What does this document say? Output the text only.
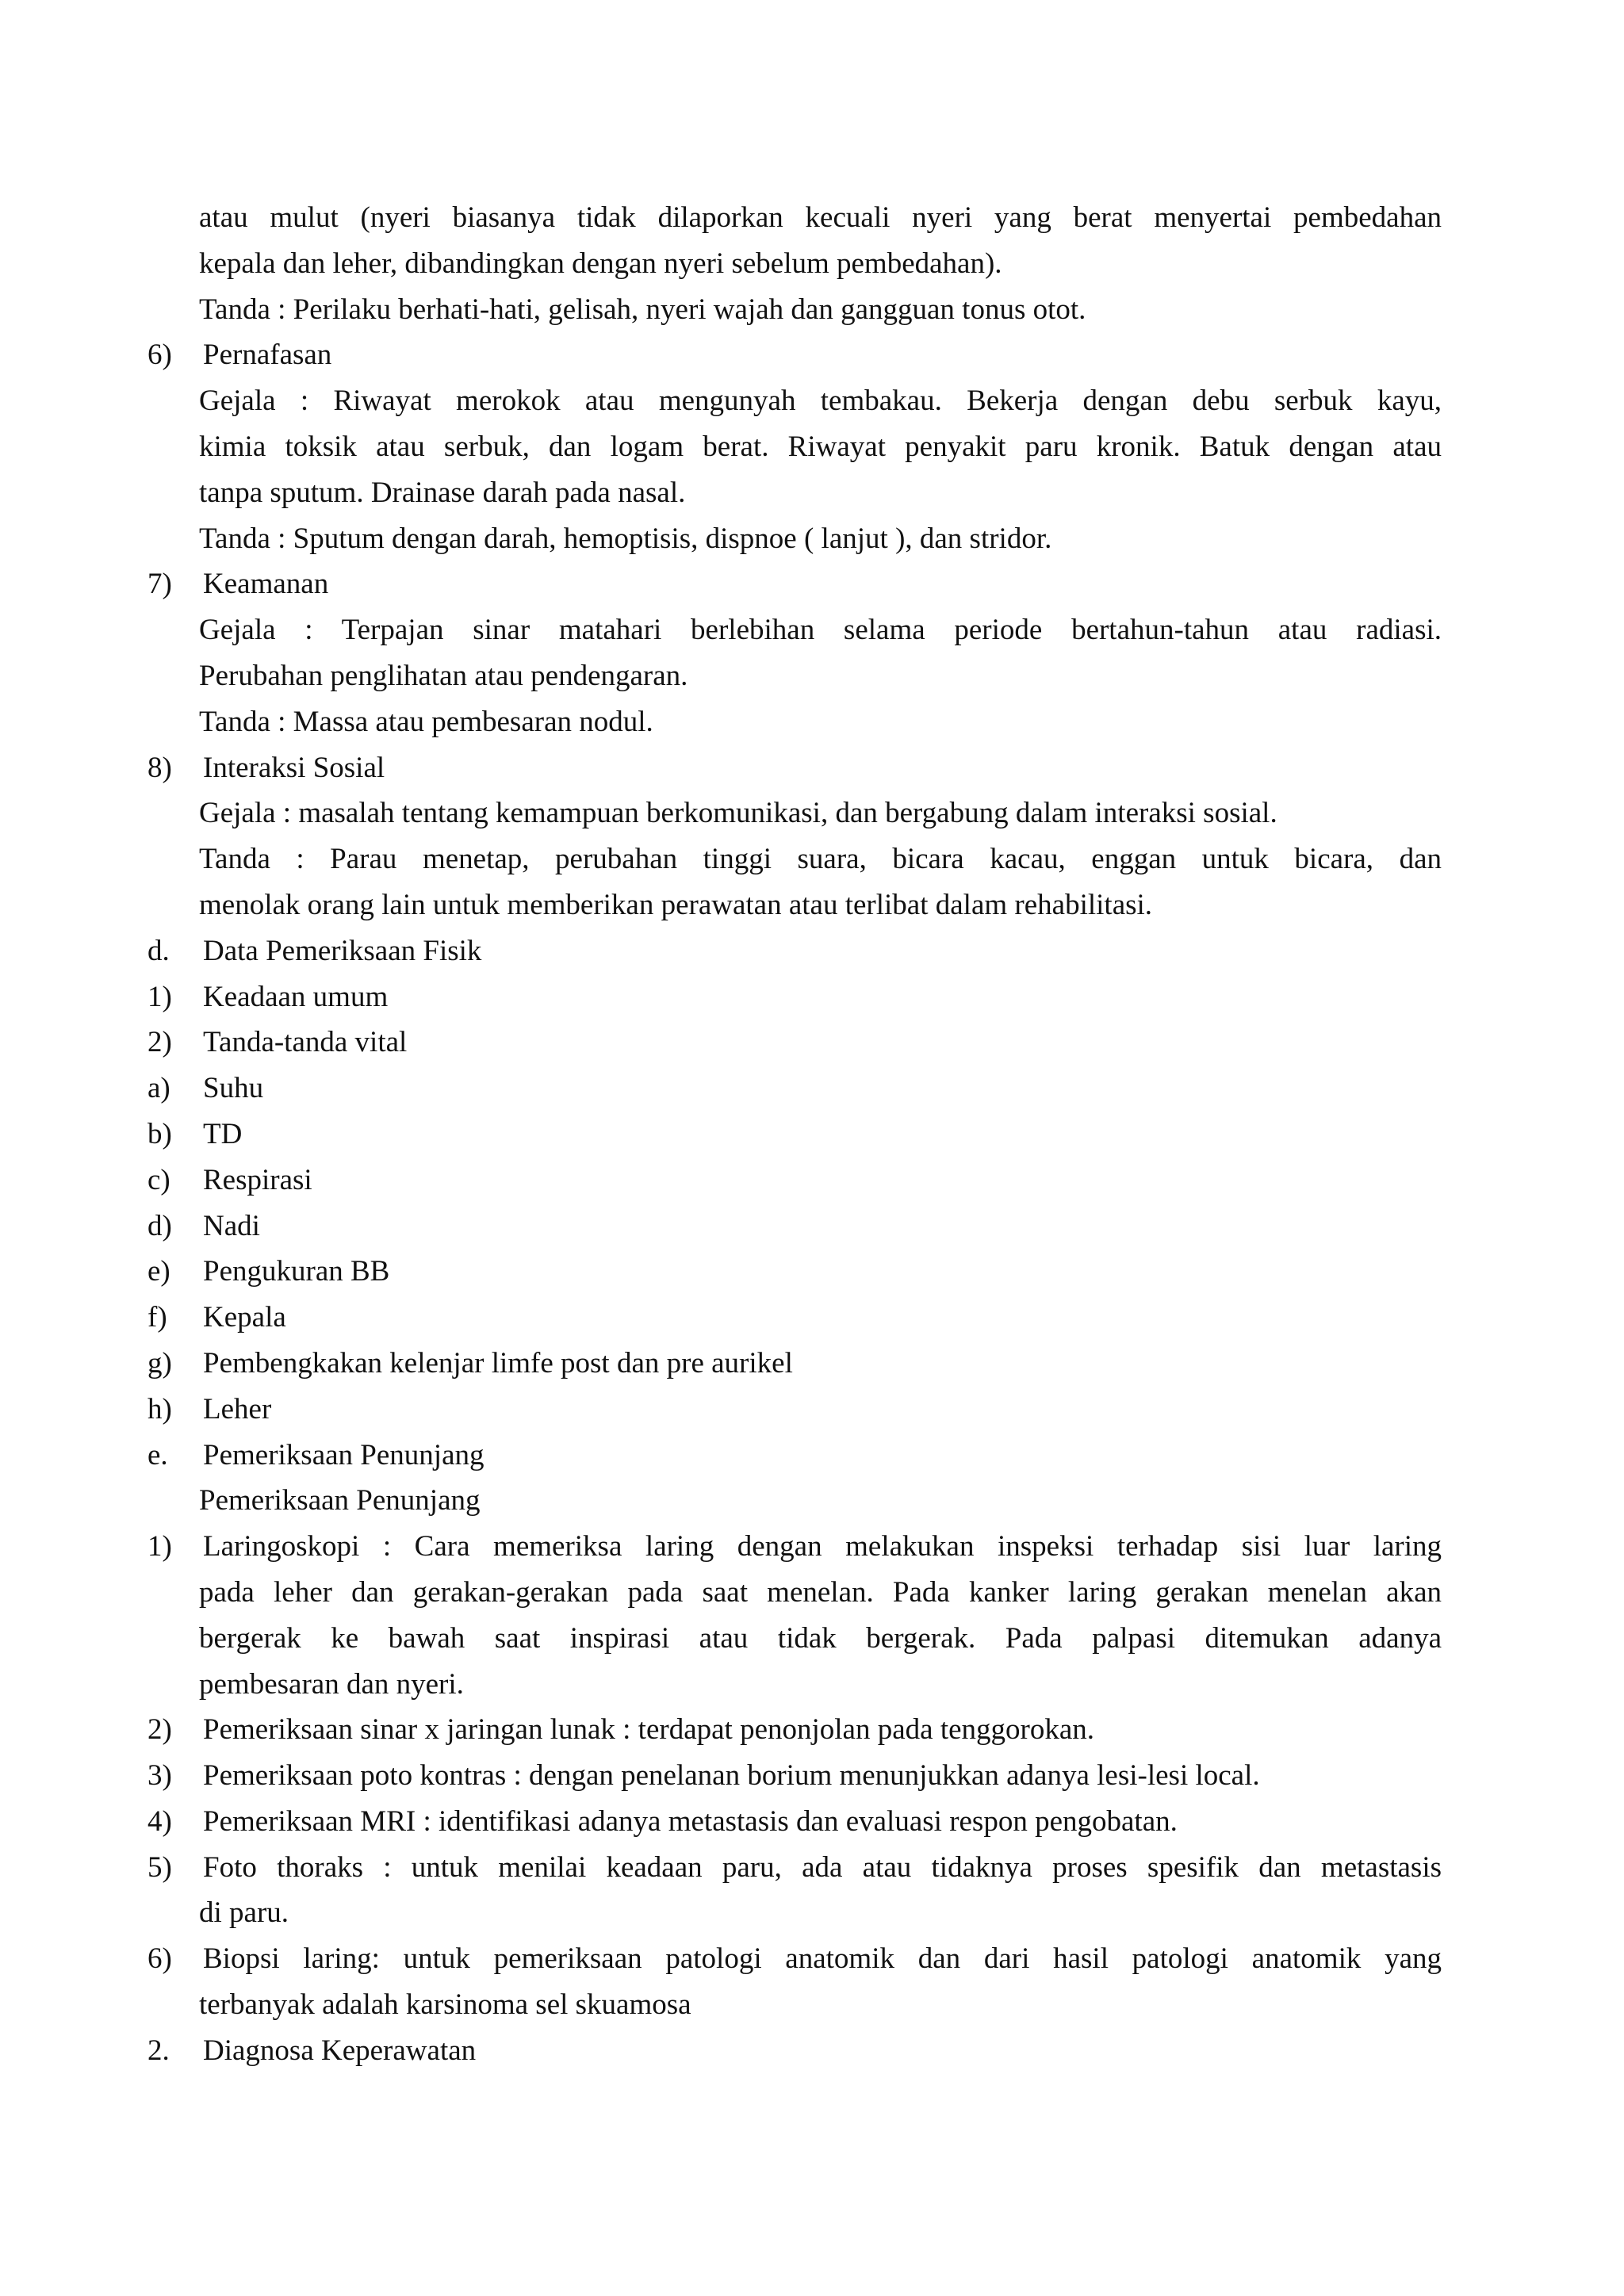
atau mulut (nyeri biasanya tidak dilaporkan kecuali nyeri yang berat menyertai pembedahan
kepala dan leher, dibandingkan dengan nyeri sebelum pembedahan).
Tanda : Perilaku berhati-hati, gelisah, nyeri wajah dan gangguan tonus otot.
6) Pernafasan
Gejala : Riwayat merokok atau mengunyah tembakau. Bekerja dengan debu serbuk kayu,
kimia toksik atau serbuk, dan logam berat. Riwayat penyakit paru kronik. Batuk dengan atau
tanpa sputum. Drainase darah pada nasal.
Tanda : Sputum dengan darah, hemoptisis, dispnoe ( lanjut ), dan stridor.
7) Keamanan
Gejala : Terpajan sinar matahari berlebihan selama periode bertahun-tahun atau radiasi.
Perubahan penglihatan atau pendengaran.
Tanda : Massa atau pembesaran nodul.
8) Interaksi Sosial
Gejala : masalah tentang kemampuan berkomunikasi, dan bergabung dalam interaksi sosial.
Tanda : Parau menetap, perubahan tinggi suara, bicara kacau, enggan untuk bicara, dan
menolak orang lain untuk memberikan perawatan atau terlibat dalam rehabilitasi.
d. Data Pemeriksaan Fisik
1) Keadaan umum
2) Tanda-tanda vital
a) Suhu
b) TD
c) Respirasi
d) Nadi
e) Pengukuran BB
f) Kepala
g) Pembengkakan kelenjar limfe post dan pre aurikel
h) Leher
e. Pemeriksaan Penunjang
Pemeriksaan Penunjang
1) Laringoskopi : Cara memeriksa laring dengan melakukan inspeksi terhadap sisi luar laring
pada leher dan gerakan-gerakan pada saat menelan. Pada kanker laring gerakan menelan akan
bergerak ke bawah saat inspirasi atau tidak bergerak. Pada palpasi ditemukan adanya
pembesaran dan nyeri.
2) Pemeriksaan sinar x jaringan lunak : terdapat penonjolan pada tenggorokan.
3) Pemeriksaan poto kontras : dengan penelanan borium menunjukkan adanya lesi-lesi local.
4) Pemeriksaan MRI : identifikasi adanya metastasis dan evaluasi respon pengobatan.
5) Foto thoraks : untuk menilai keadaan paru, ada atau tidaknya proses spesifik dan metastasis
di paru.
6) Biopsi laring: untuk pemeriksaan patologi anatomik dan dari hasil patologi anatomik yang
terbanyak adalah karsinoma sel skuamosa
2. Diagnosa Keperawatan
